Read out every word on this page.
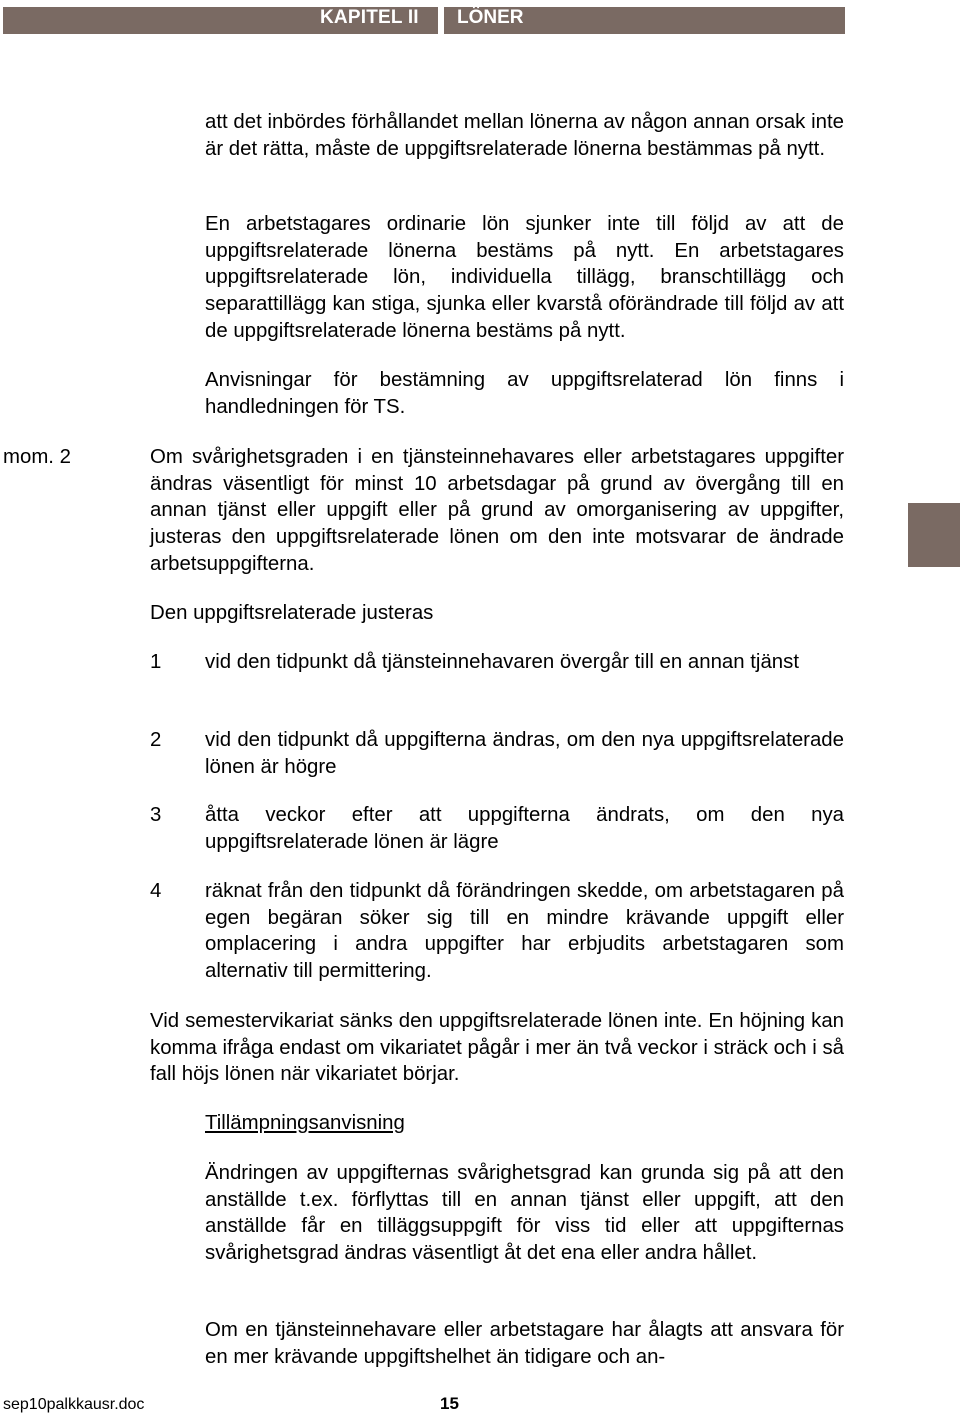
KAPITEL II LÖNER

att det inbördes förhållandet mellan lönerna av någon annan orsak inte är det rätta, måste de uppgiftsrelaterade lönerna bestämmas på nytt.

En arbetstagares ordinarie lön sjunker inte till följd av att de uppgiftsrelaterade lönerna bestäms på nytt. En arbetstagares uppgiftsrelaterade lön, individuella tillägg, branschtillägg och separattillägg kan stiga, sjunka eller kvarstå oförändrade till följd av att de uppgiftsrelaterade lönerna bestäms på nytt.

Anvisningar för bestämning av uppgiftsrelaterad lön finns i handledningen för TS.

mom. 2	Om svårighetsgraden i en tjänsteinnehavares eller arbetstagares uppgifter ändras väsentligt för minst 10 arbetsdagar på grund av övergång till en annan tjänst eller uppgift eller på grund av omorganisering av uppgifter, justeras den uppgiftsrelaterade lönen om den inte motsvarar de ändrade arbetsuppgifterna.

Den uppgiftsrelaterade justeras

1 vid den tidpunkt då tjänsteinnehavaren övergår till en annan tjänst

2 vid den tidpunkt då uppgifterna ändras, om den nya uppgiftsrelaterade lönen är högre

3 åtta veckor efter att uppgifterna ändrats, om den nya uppgiftsrelaterade lönen är lägre

4 räknat från den tidpunkt då förändringen skedde, om arbetstagaren på egen begäran söker sig till en mindre krävande uppgift eller omplacering i andra uppgifter har erbjudits arbetstagaren som alternativ till permittering.

Vid semestervikariat sänks den uppgiftsrelaterade lönen inte. En höjning kan komma ifråga endast om vikariatet pågår i mer än två veckor i sträck och i så fall höjs lönen när vikariatet börjar.

Tillämpningsanvisning

Ändringen av uppgifternas svårighetsgrad kan grunda sig på att den anställde t.ex. förflyttas till en annan tjänst eller uppgift, att den anställde får en tilläggsuppgift för viss tid eller att uppgifternas svårighetsgrad ändras väsentligt åt det ena eller andra hållet.

Om en tjänsteinnehavare eller arbetstagare har ålagts att ansvara för en mer krävande uppgiftshelhet än tidigare och an-

sep10palkkausr.doc	15
